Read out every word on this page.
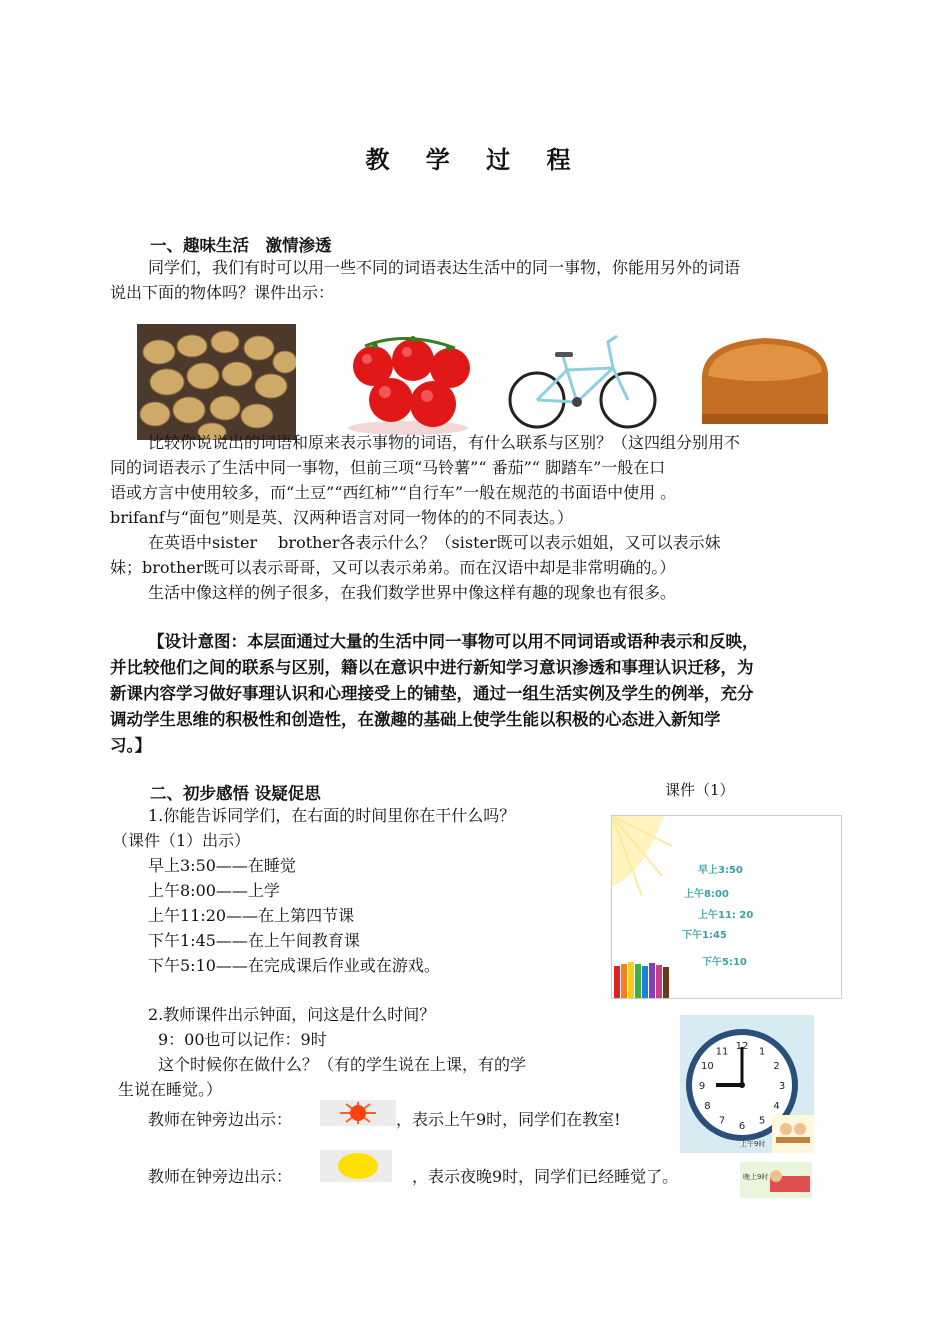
教 学 过 程
一、趣味生活　激情渗透
同学们，我们有时可以用一些不同的词语表达生活中的同一事物，你能用另外的词语
说出下面的物体吗？课件出示：
比较你说说出的词语和原来表示事物的词语，有什么联系与区别？（这四组分别用不
同的词语表示了生活中同一事物，但前三项“马铃薯”“ 番茄”“ 脚踏车”一般在口
语或方言中使用较多，而“土豆”“西红柿”“自行车”一般在规范的书面语中使用 。
brifanf与“面包”则是英、汉两种语言对同一物体的的不同表达。）
在英语中sister　 brother各表示什么？（sister既可以表示姐姐，又可以表示妹
妹；brother既可以表示哥哥，又可以表示弟弟。而在汉语中却是非常明确的。）
生活中像这样的例子很多，在我们数学世界中像这样有趣的现象也有很多。
【设计意图：本层面通过大量的生活中同一事物可以用不同词语或语种表示和反映，
并比较他们之间的联系与区别，籍以在意识中进行新知学习意识渗透和事理认识迁移，为
新课内容学习做好事理认识和心理接受上的铺垫，通过一组生活实例及学生的例举，充分
调动学生思维的积极性和创造性，在激趣的基础上使学生能以积极的心态进入新知学
习。】
二、初步感悟 设疑促思	课件（1）
1.你能告诉同学们，在右面的时间里你在干什么吗？
（课件（1）出示）
早上3:50——在睡觉
上午8:00——上学
上午11:20——在上第四节课
下午1:45——在上午间教育课
下午5:10——在完成课后作业或在游戏。
早上3:50
上午8:00
上午11: 20
下午1:45
下午5:10
2.教师课件出示钟面，问这是什么时间？
9：00也可以记作：9时
这个时候你在做什么？（有的学生说在上课，有的学
生说在睡觉。）
12 1
2
3
4
5
6
7
8
9
10
11
上午9时
教师在钟旁边出示：	，表示上午9时，同学们在教室!
教师在钟旁边出示：	，表示夜晚9时，同学们已经睡觉了。	晚上9时
